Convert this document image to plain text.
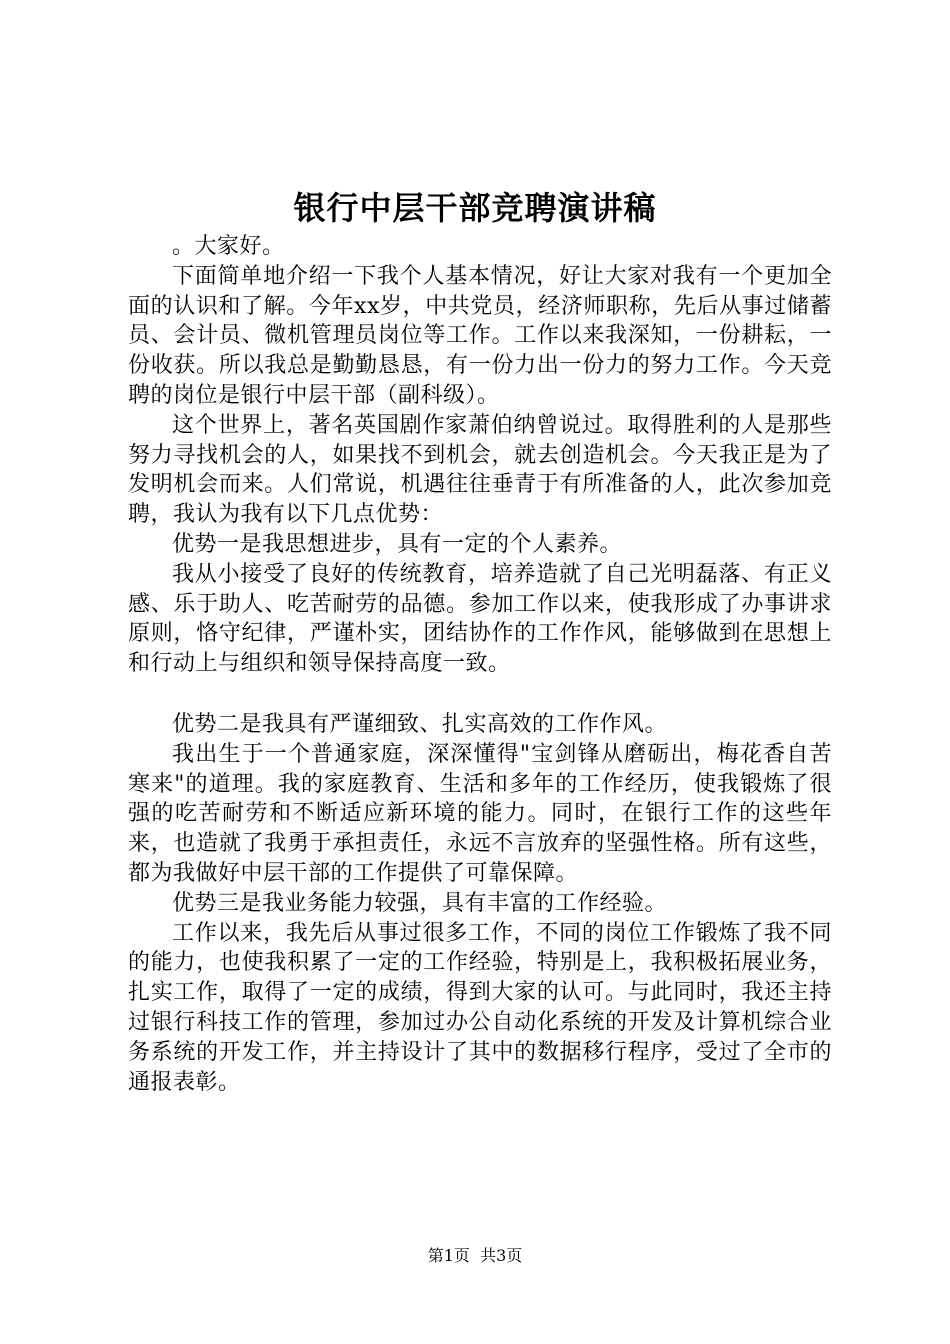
银行中层干部竞聘演讲稿

。大家好。

下面简单地介绍一下我个人基本情况，好让大家对我有一个更加全面的认识和了解。今年xx岁，中共党员，经济师职称，先后从事过储蓄员、会计员、微机管理员岗位等工作。工作以来我深知，一份耕耘，一份收获。所以我总是勤勤恳恳，有一份力出一份力的努力工作。今天竞聘的岗位是银行中层干部（副科级）。

这个世界上，著名英国剧作家萧伯纳曾说过。取得胜利的人是那些努力寻找机会的人，如果找不到机会，就去创造机会。今天我正是为了发明机会而来。人们常说，机遇往往垂青于有所准备的人，此次参加竞聘，我认为我有以下几点优势：

优势一是我思想进步，具有一定的个人素养。

我从小接受了良好的传统教育，培养造就了自己光明磊落、有正义感、乐于助人、吃苦耐劳的品德。参加工作以来，使我形成了办事讲求原则，恪守纪律，严谨朴实，团结协作的工作作风，能够做到在思想上和行动上与组织和领导保持高度一致。

优势二是我具有严谨细致、扎实高效的工作作风。

我出生于一个普通家庭，深深懂得"宝剑锋从磨砺出，梅花香自苦寒来"的道理。我的家庭教育、生活和多年的工作经历，使我锻炼了很强的吃苦耐劳和不断适应新环境的能力。同时，在银行工作的这些年来，也造就了我勇于承担责任，永远不言放弃的坚强性格。所有这些，都为我做好中层干部的工作提供了可靠保障。

优势三是我业务能力较强，具有丰富的工作经验。

工作以来，我先后从事过很多工作，不同的岗位工作锻炼了我不同的能力，也使我积累了一定的工作经验，特别是上，我积极拓展业务，扎实工作，取得了一定的成绩，得到大家的认可。与此同时，我还主持过银行科技工作的管理，参加过办公自动化系统的开发及计算机综合业务系统的开发工作，并主持设计了其中的数据移行程序，受过了全市的通报表彰。

第1页  共3页
